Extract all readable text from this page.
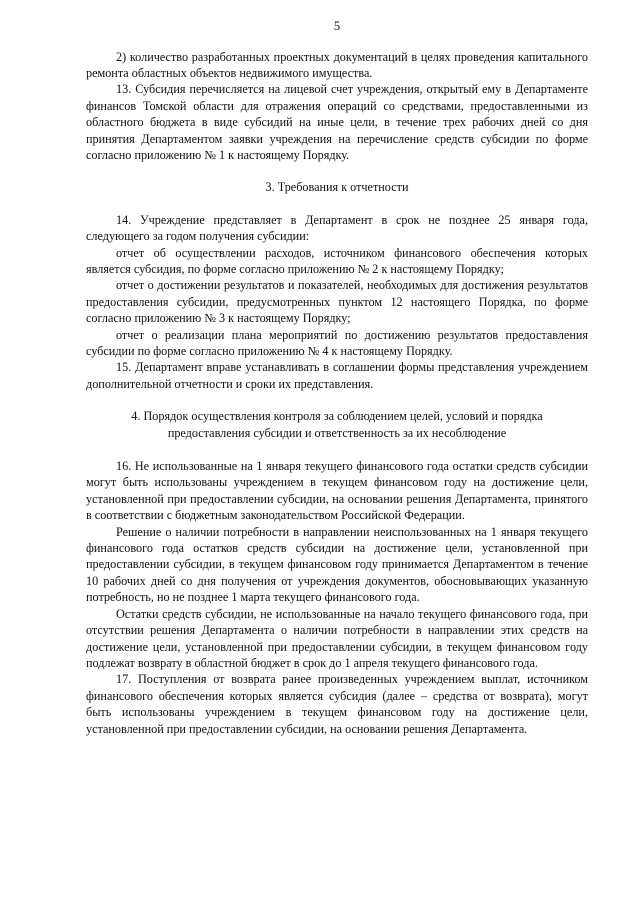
5

2) количество разработанных проектных документаций в целях проведения капитального ремонта областных объектов недвижимого имущества.

13. Субсидия перечисляется на лицевой счет учреждения, открытый ему в Департаменте финансов Томской области для отражения операций со средствами, предоставленными из областного бюджета в виде субсидий на иные цели, в течение трех рабочих дней со дня принятия Департаментом заявки учреждения на перечисление средств субсидии по форме согласно приложению № 1 к настоящему Порядку.

3. Требования к отчетности

14. Учреждение представляет в Департамент в срок не позднее 25 января года, следующего за годом получения субсидии:

отчет об осуществлении расходов, источником финансового обеспечения которых является субсидия, по форме согласно приложению № 2 к настоящему Порядку;

отчет о достижении результатов и показателей, необходимых для достижения результатов предоставления субсидии, предусмотренных пунктом 12 настоящего Порядка, по форме согласно приложению № 3 к настоящему Порядку;

отчет о реализации плана мероприятий по достижению результатов предоставления субсидии по форме согласно приложению № 4 к настоящему Порядку.

15. Департамент вправе устанавливать в соглашении формы представления учреждением дополнительной отчетности и сроки их представления.

4. Порядок осуществления контроля за соблюдением целей, условий и порядка
предоставления субсидии и ответственность за их несоблюдение

16. Не использованные на 1 января текущего финансового года остатки средств субсидии могут быть использованы учреждением в текущем финансовом году на достижение цели, установленной при предоставлении субсидии, на основании решения Департамента, принятого в соответствии с бюджетным законодательством Российской Федерации.

Решение о наличии потребности в направлении неиспользованных на 1 января текущего финансового года остатков средств субсидии на достижение цели, установленной при предоставлении субсидии, в текущем финансовом году принимается Департаментом в течение 10 рабочих дней со дня получения от учреждения документов, обосновывающих указанную потребность, но не позднее 1 марта текущего финансового года.

Остатки средств субсидии, не использованные на начало текущего финансового года, при отсутствии решения Департамента о наличии потребности в направлении этих средств на достижение цели, установленной при предоставлении субсидии, в текущем финансовом году подлежат возврату в областной бюджет в срок до 1 апреля текущего финансового года.

17. Поступления от возврата ранее произведенных учреждением выплат, источником финансового обеспечения которых является субсидия (далее – средства от возврата), могут быть использованы учреждением в текущем финансовом году на достижение цели, установленной при предоставлении субсидии, на основании решения Департамента.
